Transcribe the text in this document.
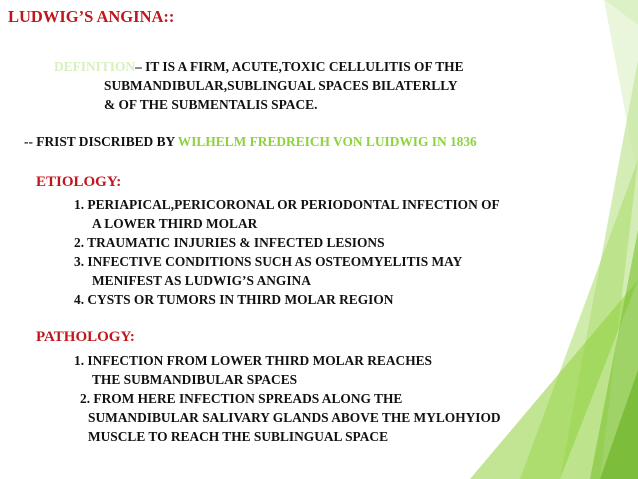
LUDWIG’S ANGINA::
DEFINITION– IT IS A FIRM, ACUTE,TOXIC CELLULITIS OF THE
SUBMANDIBULAR,SUBLINGUAL SPACES BILATERLLY
& OF THE SUBMENTALIS SPACE.
-- FRIST DISCRIBED BY WILHELM FREDREICH VON LUIDWIG IN 1836
ETIOLOGY:
1. PERIAPICAL,PERICORONAL OR PERIODONTAL INFECTION OF
A LOWER THIRD MOLAR
2. TRAUMATIC INJURIES & INFECTED LESIONS
3. INFECTIVE CONDITIONS SUCH AS OSTEOMYELITIS MAY
MENIFEST AS LUDWIG’S ANGINA
4. CYSTS OR TUMORS IN THIRD MOLAR REGION
PATHOLOGY:
1. INFECTION FROM LOWER THIRD MOLAR REACHES
THE SUBMANDIBULAR SPACES
2. FROM HERE INFECTION SPREADS ALONG THE
SUMANDIBULAR SALIVARY GLANDS ABOVE THE MYLOHYIOD
MUSCLE TO REACH THE SUBLINGUAL SPACE
